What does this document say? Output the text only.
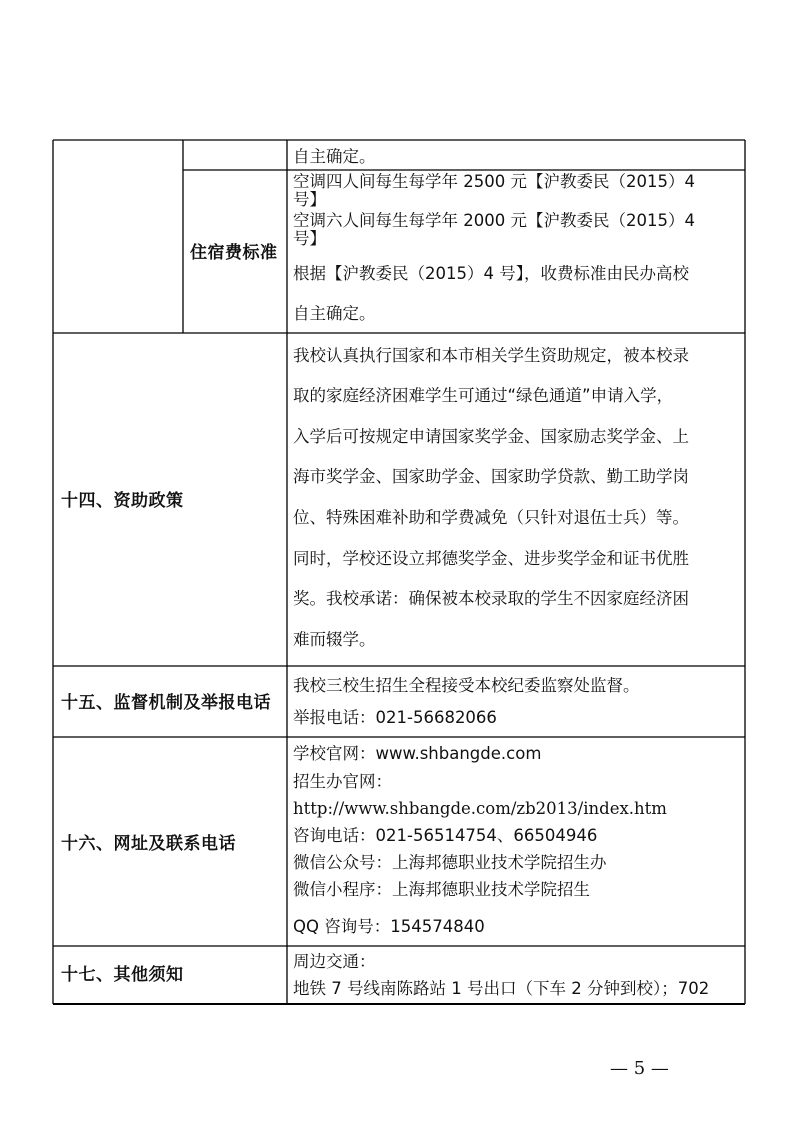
自主确定。
住宿费标准
空调四人间每生每学年 2500 元【沪教委民（2015）4
号】
空调六人间每生每学年 2000 元【沪教委民（2015）4
号】
根据【沪教委民（2015）4 号】，收费标准由民办高校
自主确定。
十四、资助政策
我校认真执行国家和本市相关学生资助规定，被本校录
取的家庭经济困难学生可通过“绿色通道”申请入学，
入学后可按规定申请国家奖学金、国家励志奖学金、上
海市奖学金、国家助学金、国家助学贷款、勤工助学岗
位、特殊困难补助和学费减免（只针对退伍士兵）等。
同时，学校还设立邦德奖学金、进步奖学金和证书优胜
奖。我校承诺：确保被本校录取的学生不因家庭经济困
难而辍学。
十五、监督机制及举报电话
我校三校生招生全程接受本校纪委监察处监督。
举报电话：021-56682066
十六、网址及联系电话
学校官网：www.shbangde.com
招生办官网：
http://www.shbangde.com/zb2013/index.htm
咨询电话：021-56514754、66504946
微信公众号：上海邦德职业技术学院招生办
微信小程序：上海邦德职业技术学院招生
QQ 咨询号：154574840
十七、其他须知
周边交通：
地铁 7 号线南陈路站 1 号出口（下车 2 分钟到校）；702
— 5 —
